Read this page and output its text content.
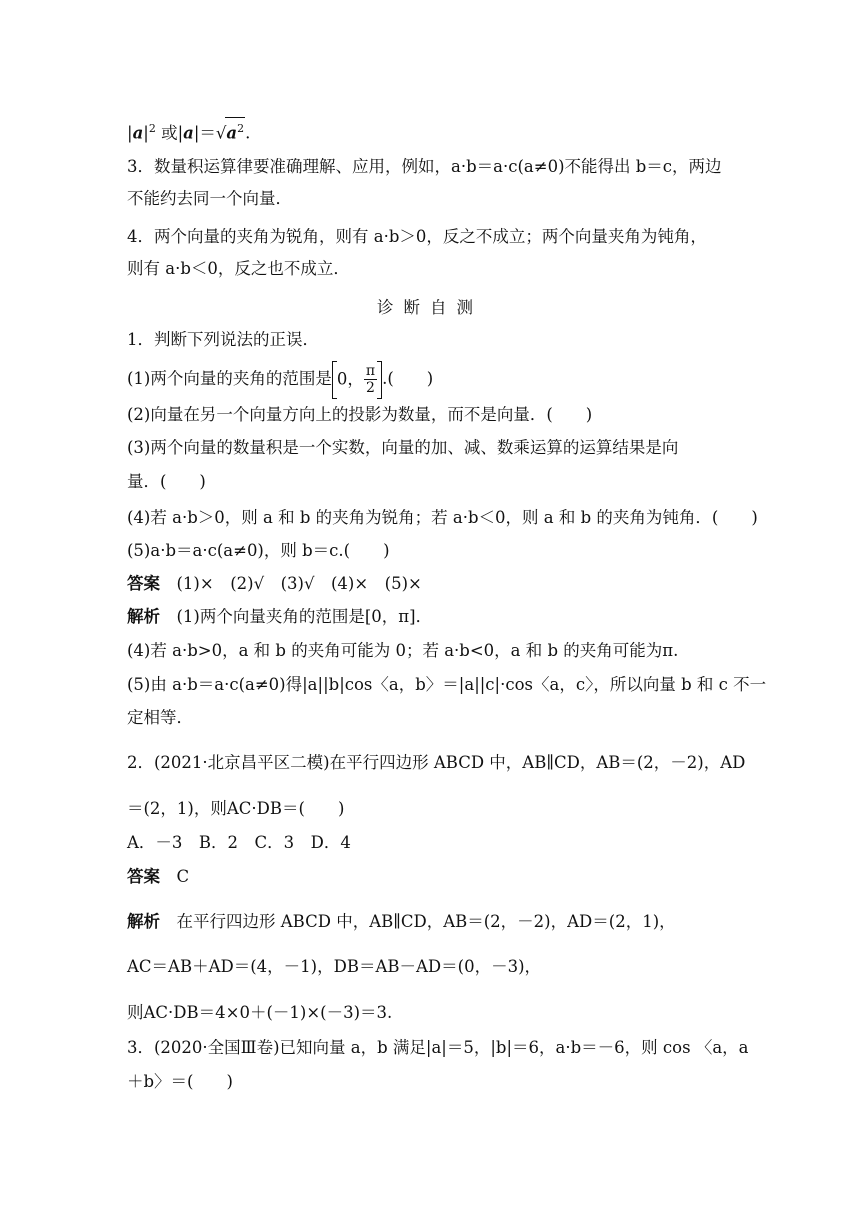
$|a|^2$ 或$|a|=√a^2$.
3．数量积运算律要准确理解、应用，例如，a·b＝a·c(a≠0)不能得出 b＝c，两边
不能约去同一个向量．
4．两个向量的夹角为锐角，则有 a·b＞0，反之不成立；两个向量夹角为钝角，
则有 a·b＜0，反之也不成立．
诊断自测
1．判断下列说法的正误．
(1)两个向量的夹角的范围是 0， $\frac{\pi}{2}$ .(　　)
(2)向量在另一个向量方向上的投影为数量，而不是向量．(　　)
(3)两个向量的数量积是一个实数，向量的加、减、数乘运算的运算结果是向
量．(　　)
(4)若 a·b＞0，则 a 和 b 的夹角为锐角；若 a·b＜0，则 a 和 b 的夹角为钝角．(　　)
(5)a·b＝a·c(a≠0)，则 b＝c.(　　)
答案　 (1)×　(2)√　(3)√　(4)×　(5)×
解析　 (1)两个向量夹角的范围是[0，π]．
(4)若 a·b>0，a 和 b 的夹角可能为 0；若 a·b<0，a 和 b 的夹角可能为π.
(5)由 a·b＝a·c(a≠0)得|a||b|cos〈a，b〉＝|a||c|·cos〈a，c〉，所以向量 b 和 c 不一
定相等．
2．(2021·北京昌平区二模)在平行四边形 ABCD 中，AB∥CD，AB＝(2，－2)，AD
＝(2，1)，则AC·DB＝(　　)
A．－3　B．2　C．3　D．4
答案　 C
解析　 在平行四边形 ABCD 中，AB∥CD，AB＝(2，－2)，AD＝(2，1)，
AC＝AB＋AD＝(4，－1)，DB＝AB－AD＝(0，－3)，
则AC·DB＝4×0＋(－1)×(－3)＝3.
3．(2020·全国Ⅲ卷)已知向量 a，b 满足|a|＝5，|b|＝6，a·b＝－6，则 cos 〈a，a
＋b〉＝(　　)
